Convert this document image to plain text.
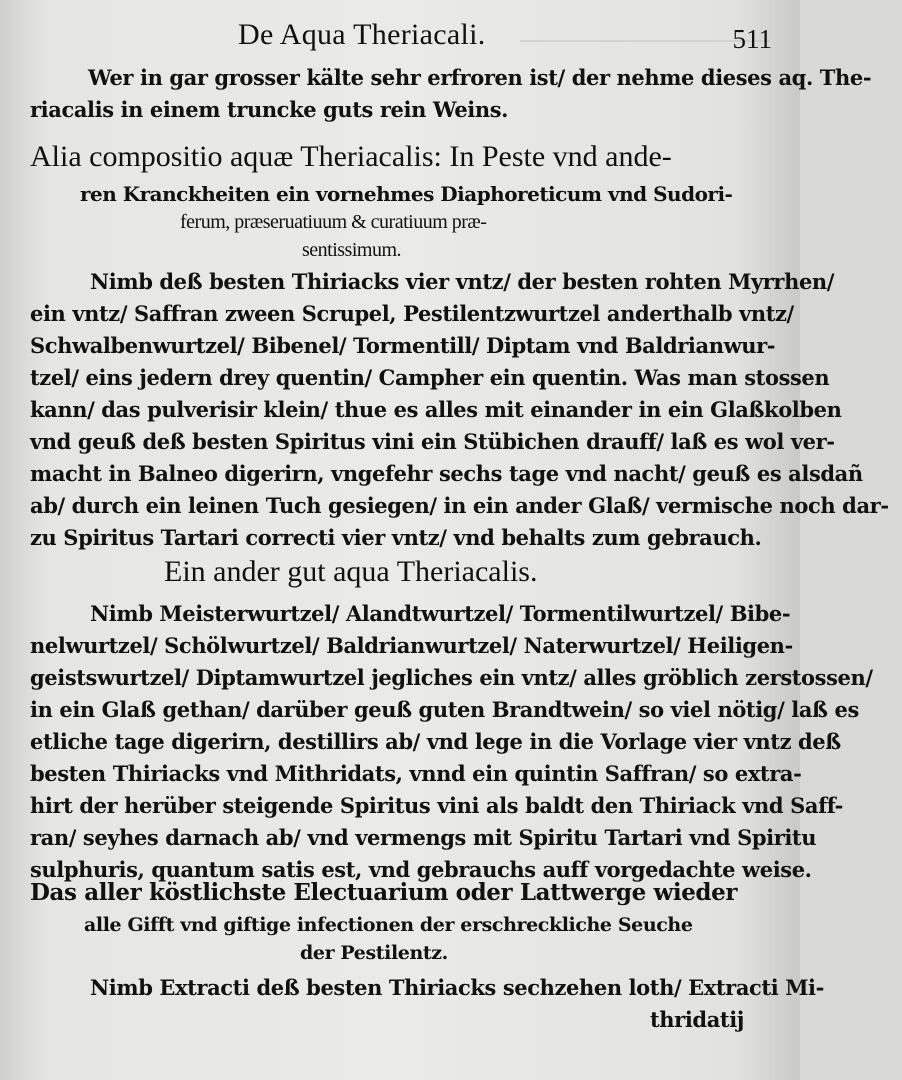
De Aqua Theriacali.	511
Wer in gar grosser kälte sehr erfroren ist/ der nehme dieses aq. The-
riacalis in einem truncke guts rein Weins.
Alia compositio aquæ Theriacalis: In Peste vnd ande-
ren Kranckheiten ein vornehmes Diaphoreticum vnd Sudori-
ferum, præseruatiuum & curatiuum præ-
sentissimum.
Nimb deß besten Thiriacks vier vntz/ der besten rohten Myrrhen/
ein vntz/ Saffran zween Scrupel, Pestilentzwurtzel anderthalb vntz/
Schwalbenwurtzel/ Bibenel/ Tormentill/ Diptam vnd Baldrianwur-
tzel/ eins jedern drey quentin/ Campher ein quentin. Was man stossen
kann/ das pulverisir klein/ thue es alles mit einander in ein Glaßkolben
vnd geuß deß besten Spiritus vini ein Stübichen drauff/ laß es wol ver-
macht in Balneo digerirn, vngefehr sechs tage vnd nacht/ geuß es alsdañ
ab/ durch ein leinen Tuch gesiegen/ in ein ander Glaß/ vermische noch dar-
zu Spiritus Tartari correcti vier vntz/ vnd behalts zum gebrauch.
Ein ander gut aqua Theriacalis.
Nimb Meisterwurtzel/ Alandtwurtzel/ Tormentilwurtzel/ Bibe-
nelwurtzel/ Schölwurtzel/ Baldrianwurtzel/ Naterwurtzel/ Heiligen-
geistswurtzel/ Diptamwurtzel jegliches ein vntz/ alles gröblich zerstossen/
in ein Glaß gethan/ darüber geuß guten Brandtwein/ so viel nötig/ laß es
etliche tage digerirn, destillirs ab/ vnd lege in die Vorlage vier vntz deß
besten Thiriacks vnd Mithridats, vnnd ein quintin Saffran/ so extra-
hirt der herüber steigende Spiritus vini als baldt den Thiriack vnd Saff-
ran/ seyhes darnach ab/ vnd vermengs mit Spiritu Tartari vnd Spiritu
sulphuris, quantum satis est, vnd gebrauchs auff vorgedachte weise.
Das aller köstlichste Electuarium oder Lattwerge wieder
alle Gifft vnd giftige infectionen der erschreckliche Seuche
der Pestilentz.
Nimb Extracti deß besten Thiriacks sechzehen loth/ Extracti Mi-
thridatij
